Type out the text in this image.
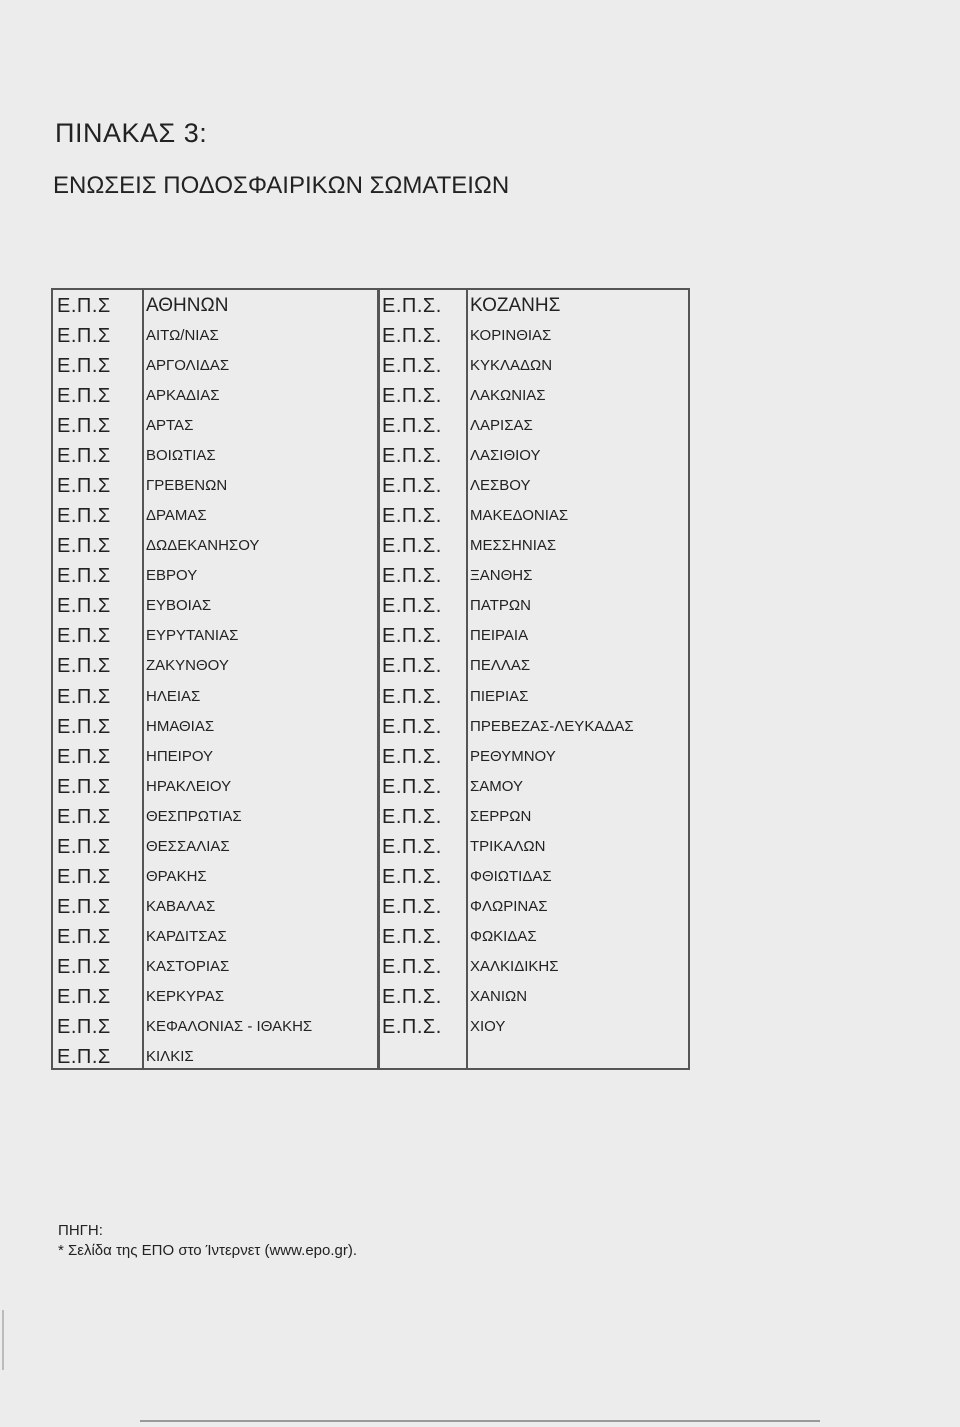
ΠΙΝΑΚΑΣ 3:
ΕΝΩΣΕΙΣ ΠΟΔΟΣΦΑΙΡΙΚΩΝ ΣΩΜΑΤΕΙΩΝ
Ε.Π.Σ ΑΘΗΝΩΝ
Ε.Π.Σ ΑΙΤΩ/ΝΙΑΣ
Ε.Π.Σ ΑΡΓΟΛΙΔΑΣ
Ε.Π.Σ ΑΡΚΑΔΙΑΣ
Ε.Π.Σ ΑΡΤΑΣ
Ε.Π.Σ ΒΟΙΩΤΙΑΣ
Ε.Π.Σ ΓΡΕΒΕΝΩΝ
Ε.Π.Σ ΔΡΑΜΑΣ
Ε.Π.Σ ΔΩΔΕΚΑΝΗΣΟΥ
Ε.Π.Σ ΕΒΡΟΥ
Ε.Π.Σ ΕΥΒΟΙΑΣ
Ε.Π.Σ ΕΥΡΥΤΑΝΙΑΣ
Ε.Π.Σ ΖΑΚΥΝΘΟΥ
Ε.Π.Σ ΗΛΕΙΑΣ
Ε.Π.Σ ΗΜΑΘΙΑΣ
Ε.Π.Σ ΗΠΕΙΡΟΥ
Ε.Π.Σ ΗΡΑΚΛΕΙΟΥ
Ε.Π.Σ ΘΕΣΠΡΩΤΙΑΣ
Ε.Π.Σ ΘΕΣΣΑΛΙΑΣ
Ε.Π.Σ ΘΡΑΚΗΣ
Ε.Π.Σ ΚΑΒΑΛΑΣ
Ε.Π.Σ ΚΑΡΔΙΤΣΑΣ
Ε.Π.Σ ΚΑΣΤΟΡΙΑΣ
Ε.Π.Σ ΚΕΡΚΥΡΑΣ
Ε.Π.Σ ΚΕΦΑΛΟΝΙΑΣ - ΙΘΑΚΗΣ
Ε.Π.Σ ΚΙΛΚΙΣ
Ε.Π.Σ. ΚΟΖΑΝΗΣ
Ε.Π.Σ. ΚΟΡΙΝΘΙΑΣ
Ε.Π.Σ. ΚΥΚΛΑΔΩΝ
Ε.Π.Σ. ΛΑΚΩΝΙΑΣ
Ε.Π.Σ. ΛΑΡΙΣΑΣ
Ε.Π.Σ. ΛΑΣΙΘΙΟΥ
Ε.Π.Σ. ΛΕΣΒΟΥ
Ε.Π.Σ. ΜΑΚΕΔΟΝΙΑΣ
Ε.Π.Σ. ΜΕΣΣΗΝΙΑΣ
Ε.Π.Σ. ΞΑΝΘΗΣ
Ε.Π.Σ. ΠΑΤΡΩΝ
Ε.Π.Σ. ΠΕΙΡΑΙΑ
Ε.Π.Σ. ΠΕΛΛΑΣ
Ε.Π.Σ. ΠΙΕΡΙΑΣ
Ε.Π.Σ. ΠΡΕΒΕΖΑΣ-ΛΕΥΚΑΔΑΣ
Ε.Π.Σ. ΡΕΘΥΜΝΟΥ
Ε.Π.Σ. ΣΑΜΟΥ
Ε.Π.Σ. ΣΕΡΡΩΝ
Ε.Π.Σ. ΤΡΙΚΑΛΩΝ
Ε.Π.Σ. ΦΘΙΩΤΙΔΑΣ
Ε.Π.Σ. ΦΛΩΡΙΝΑΣ
Ε.Π.Σ. ΦΩΚΙΔΑΣ
Ε.Π.Σ. ΧΑΛΚΙΔΙΚΗΣ
Ε.Π.Σ. ΧΑΝΙΩΝ
Ε.Π.Σ. ΧΙΟΥ
ΠΗΓΗ:
* Σελίδα της ΕΠΟ στο Ίντερνετ (www.epo.gr).
